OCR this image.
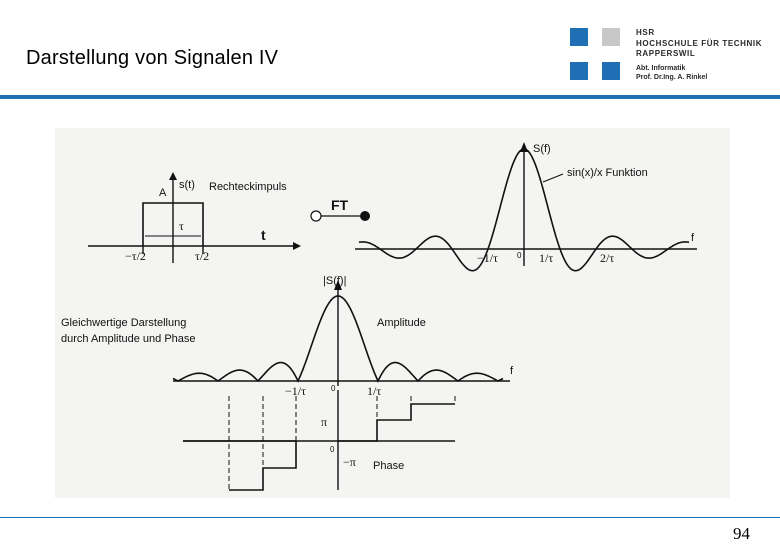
Darstellung von Signalen IV
HSR
HOCHSCHULE FÜR TECHNIK
RAPPERSWIL
Abt. Informatik
Prof. Dr.Ing. A. Rinkel
s(t)
A	Rechteckimpuls
τ
t
−τ/2	τ/2
FT
S(f)
sin(x)/x Funktion
f
−1/τ 0 1/τ	2/τ
Gleichwertige Darstellung
durch Amplitude und Phase
|S(f)|
Amplitude
f
−1/τ	0	1/τ
π
0
−π Phase
94
